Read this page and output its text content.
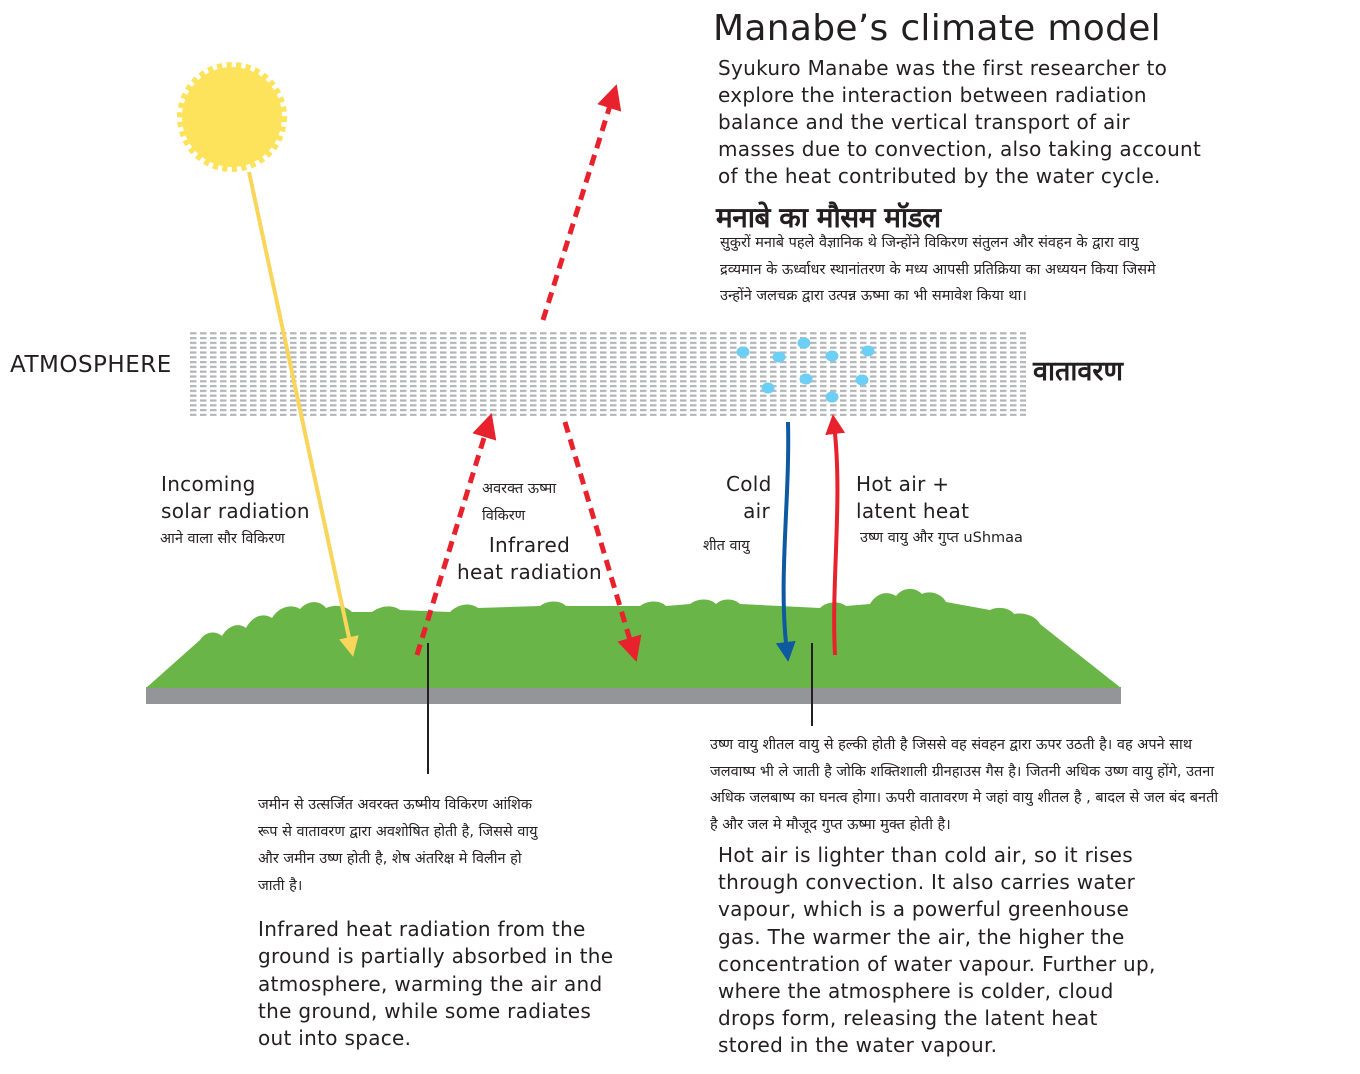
Manabe’s climate model
Syukuro Manabe was the first researcher to
explore the interaction between radiation
balance and the vertical transport of air
masses due to convection, also taking account
of the heat contributed by the water cycle.
मनाबे का मौसम मॉडल
सुकुरों मनाबे पहले वैज्ञानिक थे जिन्होंने विकिरण संतुलन और संवहन के द्वारा वायु
द्रव्यमान के ऊर्ध्वाधर स्थानांतरण के मध्य आपसी प्रतिक्रिया का अध्ययन किया जिसमे
उन्होंने जलचक्र द्वारा उत्पन्न ऊष्मा का भी समावेश किया था।
ATMOSPHERE	वातावरण
Incoming
solar radiation
आने वाला सौर विकिरण
अवरक्त ऊष्मा
विकिरण
Infrared
heat radiation
Cold
air
शीत वायु
Hot air +
latent heat
उष्ण वायु और गुप्त uShmaa
जमीन से उत्सर्जित अवरक्त ऊष्मीय विकिरण आंशिक
रूप से वातावरण द्वारा अवशोषित होती है, जिससे वायु
और जमीन उष्ण होती है, शेष अंतरिक्ष मे विलीन हो
जाती है।
Infrared heat radiation from the
ground is partially absorbed in the
atmosphere, warming the air and
the ground, while some radiates
out into space.
उष्ण वायु शीतल वायु से हल्की होती है जिससे वह संवहन द्वारा ऊपर उठती है। वह अपने साथ
जलवाष्प भी ले जाती है जोकि शक्तिशाली ग्रीनहाउस गैस है। जितनी अधिक उष्ण वायु होंगे, उतना
अधिक जलबाष्प का घनत्व होगा। ऊपरी वातावरण मे जहां वायु शीतल है , बादल से जल बंद बनती
है और जल मे मौजूद गुप्त ऊष्मा मुक्त होती है।
Hot air is lighter than cold air, so it rises
through convection. It also carries water
vapour, which is a powerful greenhouse
gas. The warmer the air, the higher the
concentration of water vapour. Further up,
where the atmosphere is colder, cloud
drops form, releasing the latent heat
stored in the water vapour.
